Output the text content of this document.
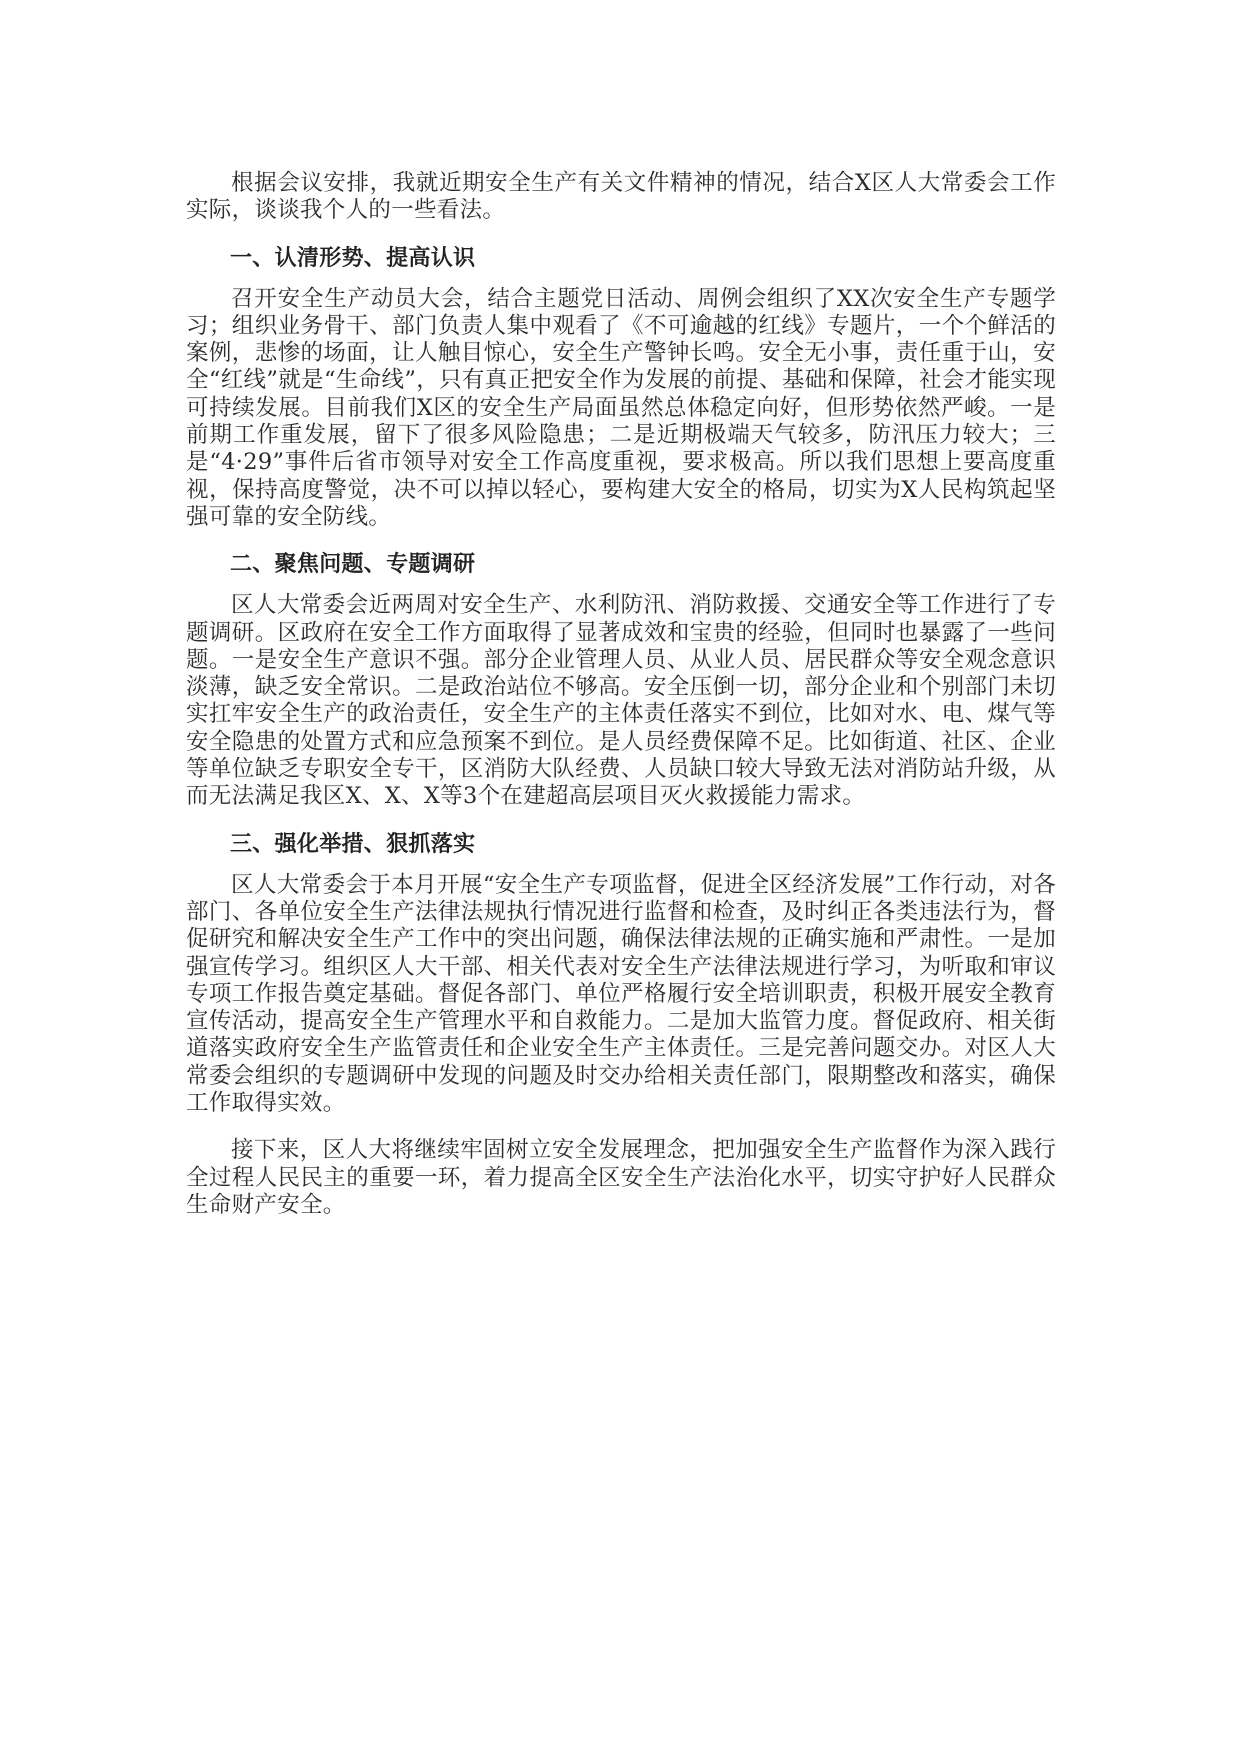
根据会议安排，我就近期安全生产有关文件精神的情况，结合X区人大常委会工作实际，谈谈我个人的一些看法。

一、认清形势、提高认识

召开安全生产动员大会，结合主题党日活动、周例会组织了XX次安全生产专题学习；组织业务骨干、部门负责人集中观看了《不可逾越的红线》专题片，一个个鲜活的案例，悲惨的场面，让人触目惊心，安全生产警钟长鸣。安全无小事，责任重于山，安全“红线”就是“生命线”，只有真正把安全作为发展的前提、基础和保障，社会才能实现可持续发展。目前我们X区的安全生产局面虽然总体稳定向好，但形势依然严峻。一是前期工作重发展，留下了很多风险隐患；二是近期极端天气较多，防汛压力较大；三是“4·29”事件后省市领导对安全工作高度重视，要求极高。所以我们思想上要高度重视，保持高度警觉，决不可以掉以轻心，要构建大安全的格局，切实为X人民构筑起坚强可靠的安全防线。

二、聚焦问题、专题调研

区人大常委会近两周对安全生产、水利防汛、消防救援、交通安全等工作进行了专题调研。区政府在安全工作方面取得了显著成效和宝贵的经验，但同时也暴露了一些问题。一是安全生产意识不强。部分企业管理人员、从业人员、居民群众等安全观念意识淡薄，缺乏安全常识。二是政治站位不够高。安全压倒一切，部分企业和个别部门未切实扛牢安全生产的政治责任，安全生产的主体责任落实不到位，比如对水、电、煤气等安全隐患的处置方式和应急预案不到位。是人员经费保障不足。比如街道、社区、企业等单位缺乏专职安全专干，区消防大队经费、人员缺口较大导致无法对消防站升级，从而无法满足我区X、X、X等3个在建超高层项目灭火救援能力需求。

三、强化举措、狠抓落实

区人大常委会于本月开展“安全生产专项监督，促进全区经济发展”工作行动，对各部门、各单位安全生产法律法规执行情况进行监督和检查，及时纠正各类违法行为，督促研究和解决安全生产工作中的突出问题，确保法律法规的正确实施和严肃性。一是加强宣传学习。组织区人大干部、相关代表对安全生产法律法规进行学习，为听取和审议专项工作报告奠定基础。督促各部门、单位严格履行安全培训职责，积极开展安全教育宣传活动，提高安全生产管理水平和自救能力。二是加大监管力度。督促政府、相关街道落实政府安全生产监管责任和企业安全生产主体责任。三是完善问题交办。对区人大常委会组织的专题调研中发现的问题及时交办给相关责任部门，限期整改和落实，确保工作取得实效。

接下来，区人大将继续牢固树立安全发展理念，把加强安全生产监督作为深入践行全过程人民民主的重要一环，着力提高全区安全生产法治化水平，切实守护好人民群众生命财产安全。
